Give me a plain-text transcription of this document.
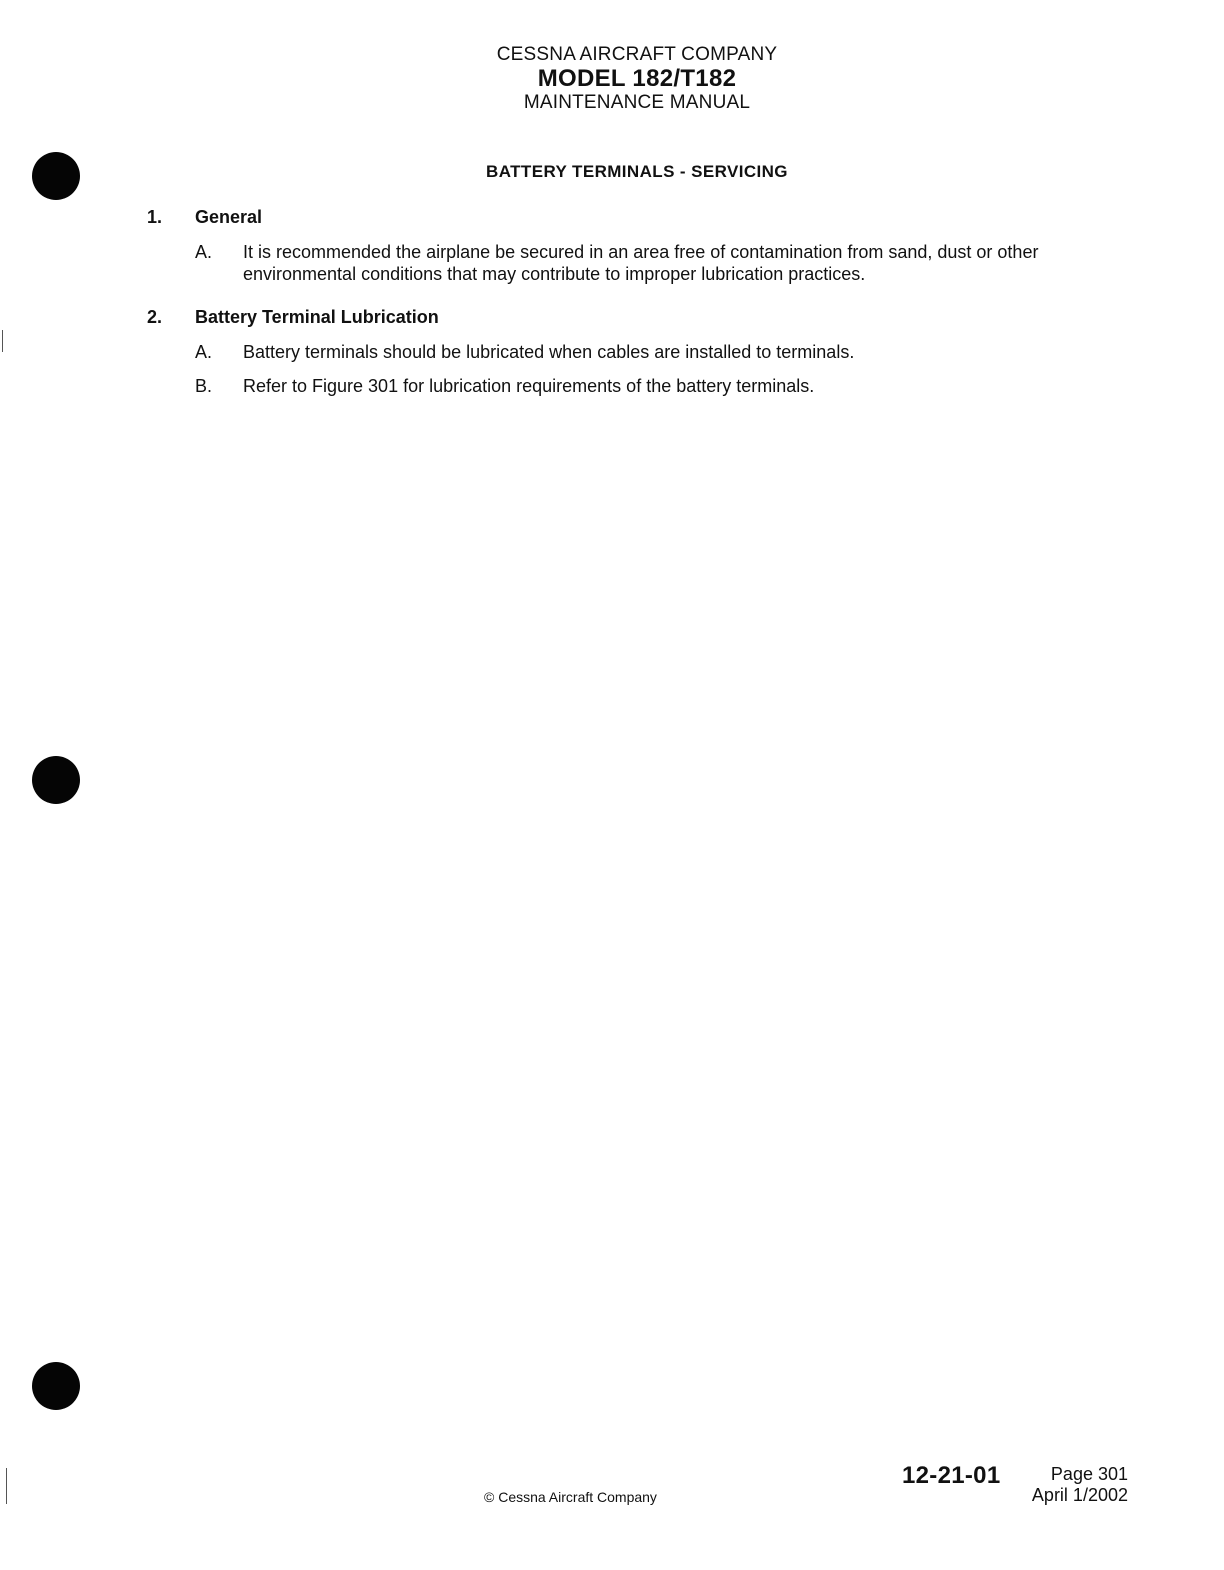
CESSNA AIRCRAFT COMPANY
MODEL 182/T182
MAINTENANCE MANUAL
BATTERY TERMINALS - SERVICING
1. General
A.	It is recommended the airplane be secured in an area free of contamination from sand, dust or other environmental conditions that may contribute to improper lubrication practices.
2. Battery Terminal Lubrication
A.	Battery terminals should be lubricated when cables are installed to terminals.
B.	Refer to Figure 301 for lubrication requirements of the battery terminals.
© Cessna Aircraft Company
12-21-01	Page 301
April 1/2002
